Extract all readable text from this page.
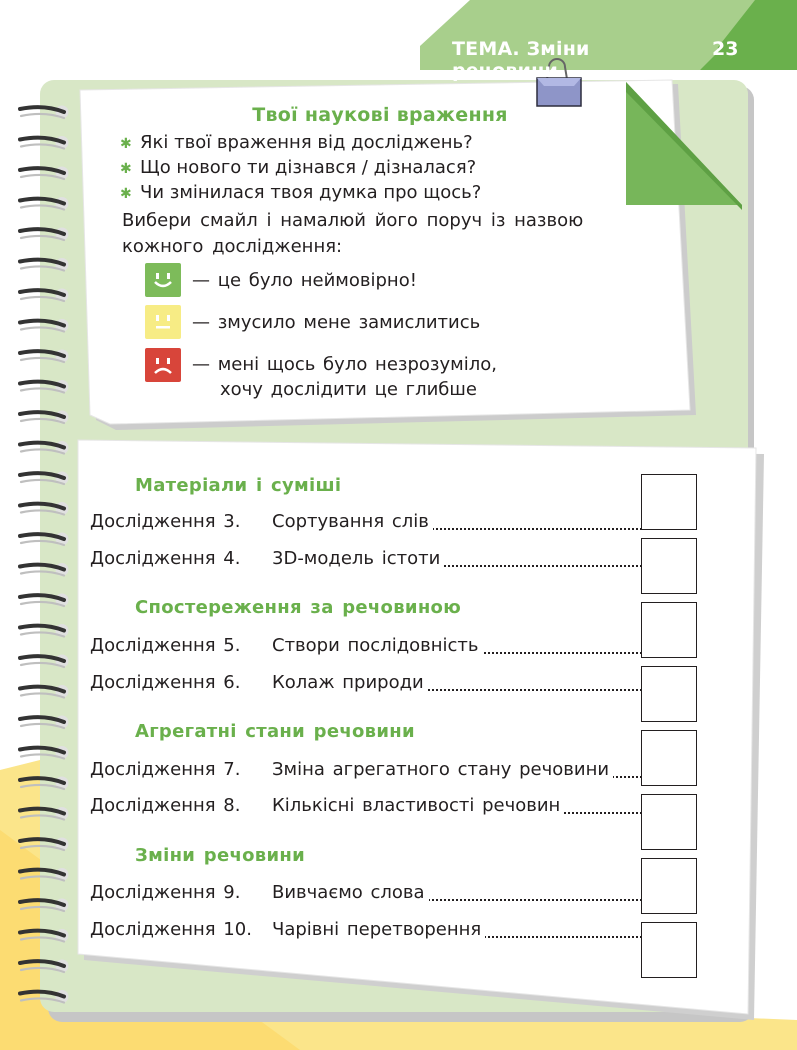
ТЕМА. Зміни речовини
23
Твої наукові враження
✱ Які твої враження від досліджень?
✱ Що нового ти дізнався / дізналася?
✱ Чи змінилася твоя думка про щось?
Вибери смайл і намалюй його поруч із назвою кожного дослідження:
— це було неймовірно!
— змусило мене замислитись
— мені щось було незрозуміло,
хочу дослідити це глибше
Матеріали і суміші
Дослідження 3. Сортування слів
Дослідження 4. 3D-модель істоти
Спостереження за речовиною
Дослідження 5. Створи послідовність
Дослідження 6. Колаж природи
Агрегатні стани речовини
Дослідження 7. Зміна агрегатного стану речовини
Дослідження 8. Кількісні властивості речовин
Зміни речовини
Дослідження 9. Вивчаємо слова
Дослідження 10. Чарівні перетворення
